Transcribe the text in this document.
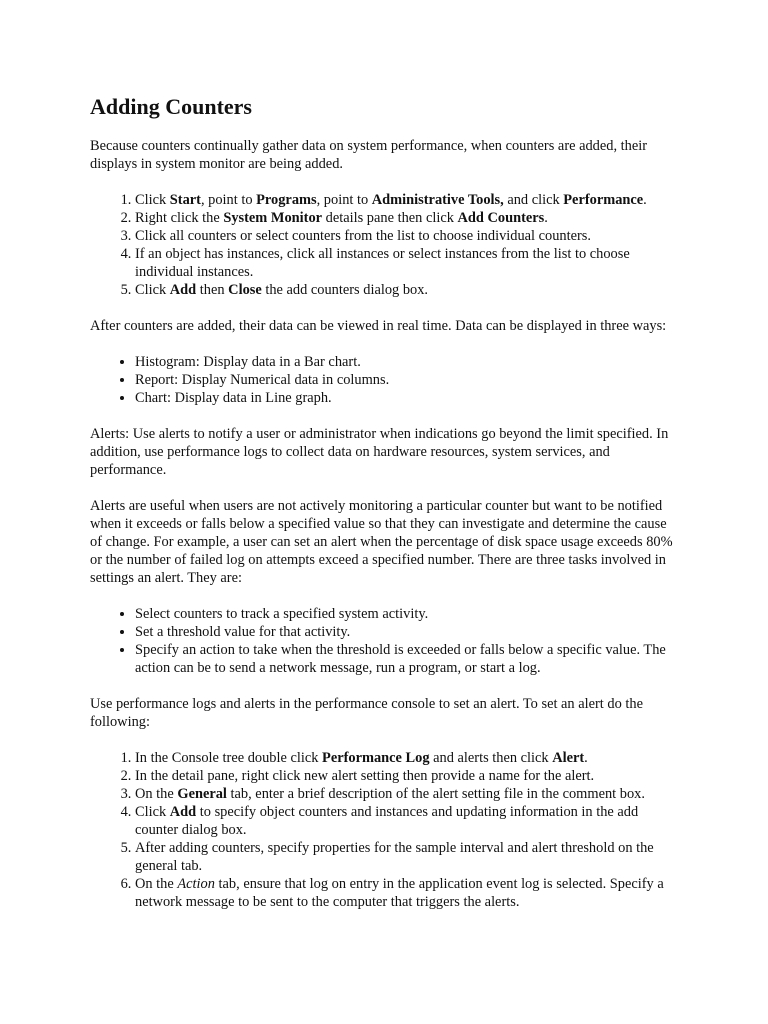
Adding Counters

Because counters continually gather data on system performance, when counters are added, their displays in system monitor are being added.

1. Click Start, point to Programs, point to Administrative Tools, and click Performance.
2. Right click the System Monitor details pane then click Add Counters.
3. Click all counters or select counters from the list to choose individual counters.
4. If an object has instances, click all instances or select instances from the list to choose individual instances.
5. Click Add then Close the add counters dialog box.

After counters are added, their data can be viewed in real time. Data can be displayed in three ways:

• Histogram: Display data in a Bar chart.
• Report: Display Numerical data in columns.
• Chart: Display data in Line graph.

Alerts: Use alerts to notify a user or administrator when indications go beyond the limit specified. In addition, use performance logs to collect data on hardware resources, system services, and performance.

Alerts are useful when users are not actively monitoring a particular counter but want to be notified when it exceeds or falls below a specified value so that they can investigate and determine the cause of change. For example, a user can set an alert when the percentage of disk space usage exceeds 80% or the number of failed log on attempts exceed a specified number. There are three tasks involved in settings an alert. They are:

• Select counters to track a specified system activity.
• Set a threshold value for that activity.
• Specify an action to take when the threshold is exceeded or falls below a specific value. The action can be to send a network message, run a program, or start a log.

Use performance logs and alerts in the performance console to set an alert. To set an alert do the following:

1. In the Console tree double click Performance Log and alerts then click Alert.
2. In the detail pane, right click new alert setting then provide a name for the alert.
3. On the General tab, enter a brief description of the alert setting file in the comment box.
4. Click Add to specify object counters and instances and updating information in the add counter dialog box.
5. After adding counters, specify properties for the sample interval and alert threshold on the general tab.
6. On the Action tab, ensure that log on entry in the application event log is selected. Specify a network message to be sent to the computer that triggers the alerts.
